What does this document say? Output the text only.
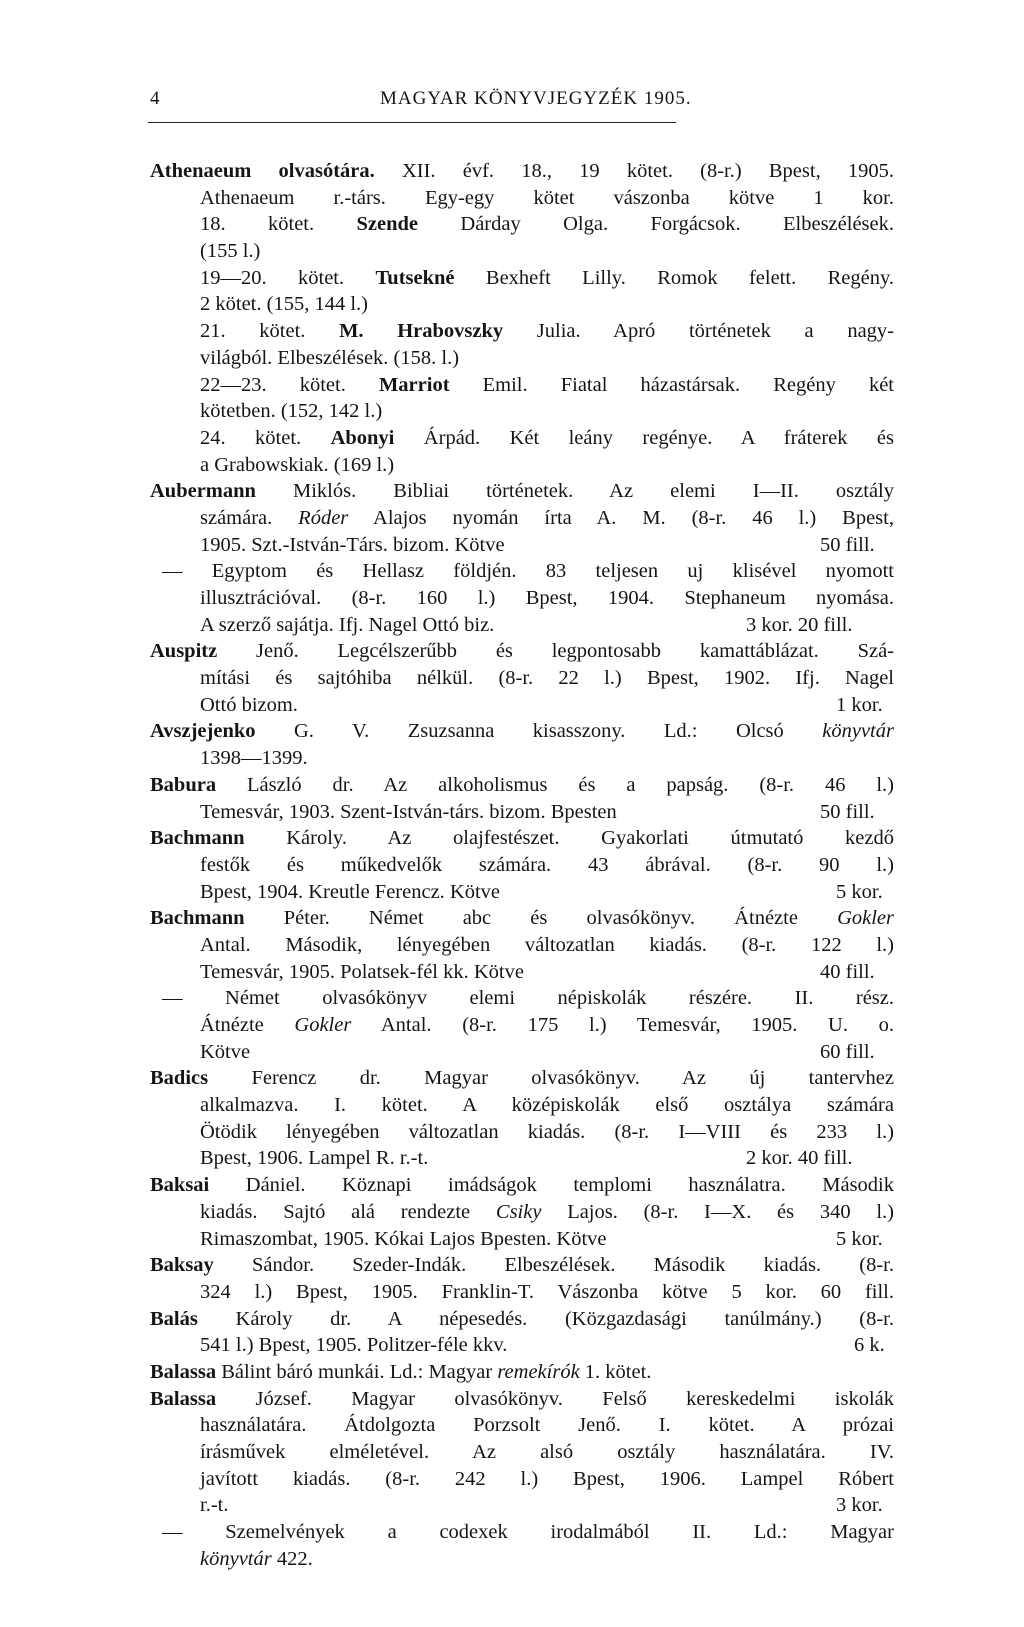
4	MAGYAR KÖNYVJEGYZÉK 1905.
Athenaeum olvasótára. XII. évf. 18., 19 kötet. (8-r.) Bpest, 1905.
Athenaeum r.-társ. Egy-egy kötet vászonba kötve 1 kor.
18. kötet. Szende Dárday Olga. Forgácsok. Elbeszélések.
(155 l.)
19—20. kötet. Tutsekné Bexheft Lilly. Romok felett. Regény.
2 kötet. (155, 144 l.)
21. kötet. M. Hrabovszky Julia. Apró történetek a nagy-
világból. Elbeszélések. (158. l.)
22—23. kötet. Marriot Emil. Fiatal házastársak. Regény két
kötetben. (152, 142 l.)
24. kötet. Abonyi Árpád. Két leány regénye. A fráterek és
a Grabowskiak. (169 l.)
Aubermann Miklós. Bibliai történetek. Az elemi I—II. osztály
számára. Róder Alajos nyomán írta A. M. (8-r. 46 l.) Bpest,
1905. Szt.-István-Társ. bizom. Kötve	50 fill.
— Egyptom és Hellasz földjén. 83 teljesen uj klisével nyomott
illusztrációval. (8-r. 160 l.) Bpest, 1904. Stephaneum nyomása.
A szerző sajátja. Ifj. Nagel Ottó biz.	3 kor. 20 fill.
Auspitz Jenő. Legcélszerűbb és legpontosabb kamattáblázat. Szá-
mítási és sajtóhiba nélkül. (8-r. 22 l.) Bpest, 1902. Ifj. Nagel
Ottó bizom.	1 kor.
Avszjejenko G. V. Zsuzsanna kisasszony. Ld.: Olcsó könyvtár
1398—1399.
Babura László dr. Az alkoholismus és a papság. (8-r. 46 l.)
Temesvár, 1903. Szent-István-társ. bizom. Bpesten	50 fill.
Bachmann Károly. Az olajfestészet. Gyakorlati útmutató kezdő
festők és műkedvelők számára. 43 ábrával. (8-r. 90 l.)
Bpest, 1904. Kreutle Ferencz. Kötve	5 kor.
Bachmann Péter. Német abc és olvasókönyv. Átnézte Gokler
Antal. Második, lényegében változatlan kiadás. (8-r. 122 l.)
Temesvár, 1905. Polatsek-fél kk. Kötve	40 fill.
— Német olvasókönyv elemi népiskolák részére. II. rész.
Átnézte Gokler Antal. (8-r. 175 l.) Temesvár, 1905. U. o.
Kötve	60 fill.
Badics Ferencz dr. Magyar olvasókönyv. Az új tantervhez
alkalmazva. I. kötet. A középiskolák első osztálya számára
Ötödik lényegében változatlan kiadás. (8-r. I—VIII és 233 l.)
Bpest, 1906. Lampel R. r.-t.	2 kor. 40 fill.
Baksai Dániel. Köznapi imádságok templomi használatra. Második
kiadás. Sajtó alá rendezte Csiky Lajos. (8-r. I—X. és 340 l.)
Rimaszombat, 1905. Kókai Lajos Bpesten. Kötve	5 kor.
Baksay Sándor. Szeder-Indák. Elbeszélések. Második kiadás. (8-r.
324 l.) Bpest, 1905. Franklin-T. Vászonba kötve 5 kor. 60 fill.
Balás Károly dr. A népesedés. (Közgazdasági tanúlmány.) (8-r.
541 l.) Bpest, 1905. Politzer-féle kkv.	6 k.
Balassa Bálint báró munkái. Ld.: Magyar remekírók 1. kötet.
Balassa József. Magyar olvasókönyv. Felső kereskedelmi iskolák
használatára. Átdolgozta Porzsolt Jenő. I. kötet. A prózai
írásművek elméletével. Az alsó osztály használatára. IV.
javított kiadás. (8-r. 242 l.) Bpest, 1906. Lampel Róbert
r.-t.	3 kor.
— Szemelvények a codexek irodalmából II. Ld.: Magyar
könyvtár 422.
